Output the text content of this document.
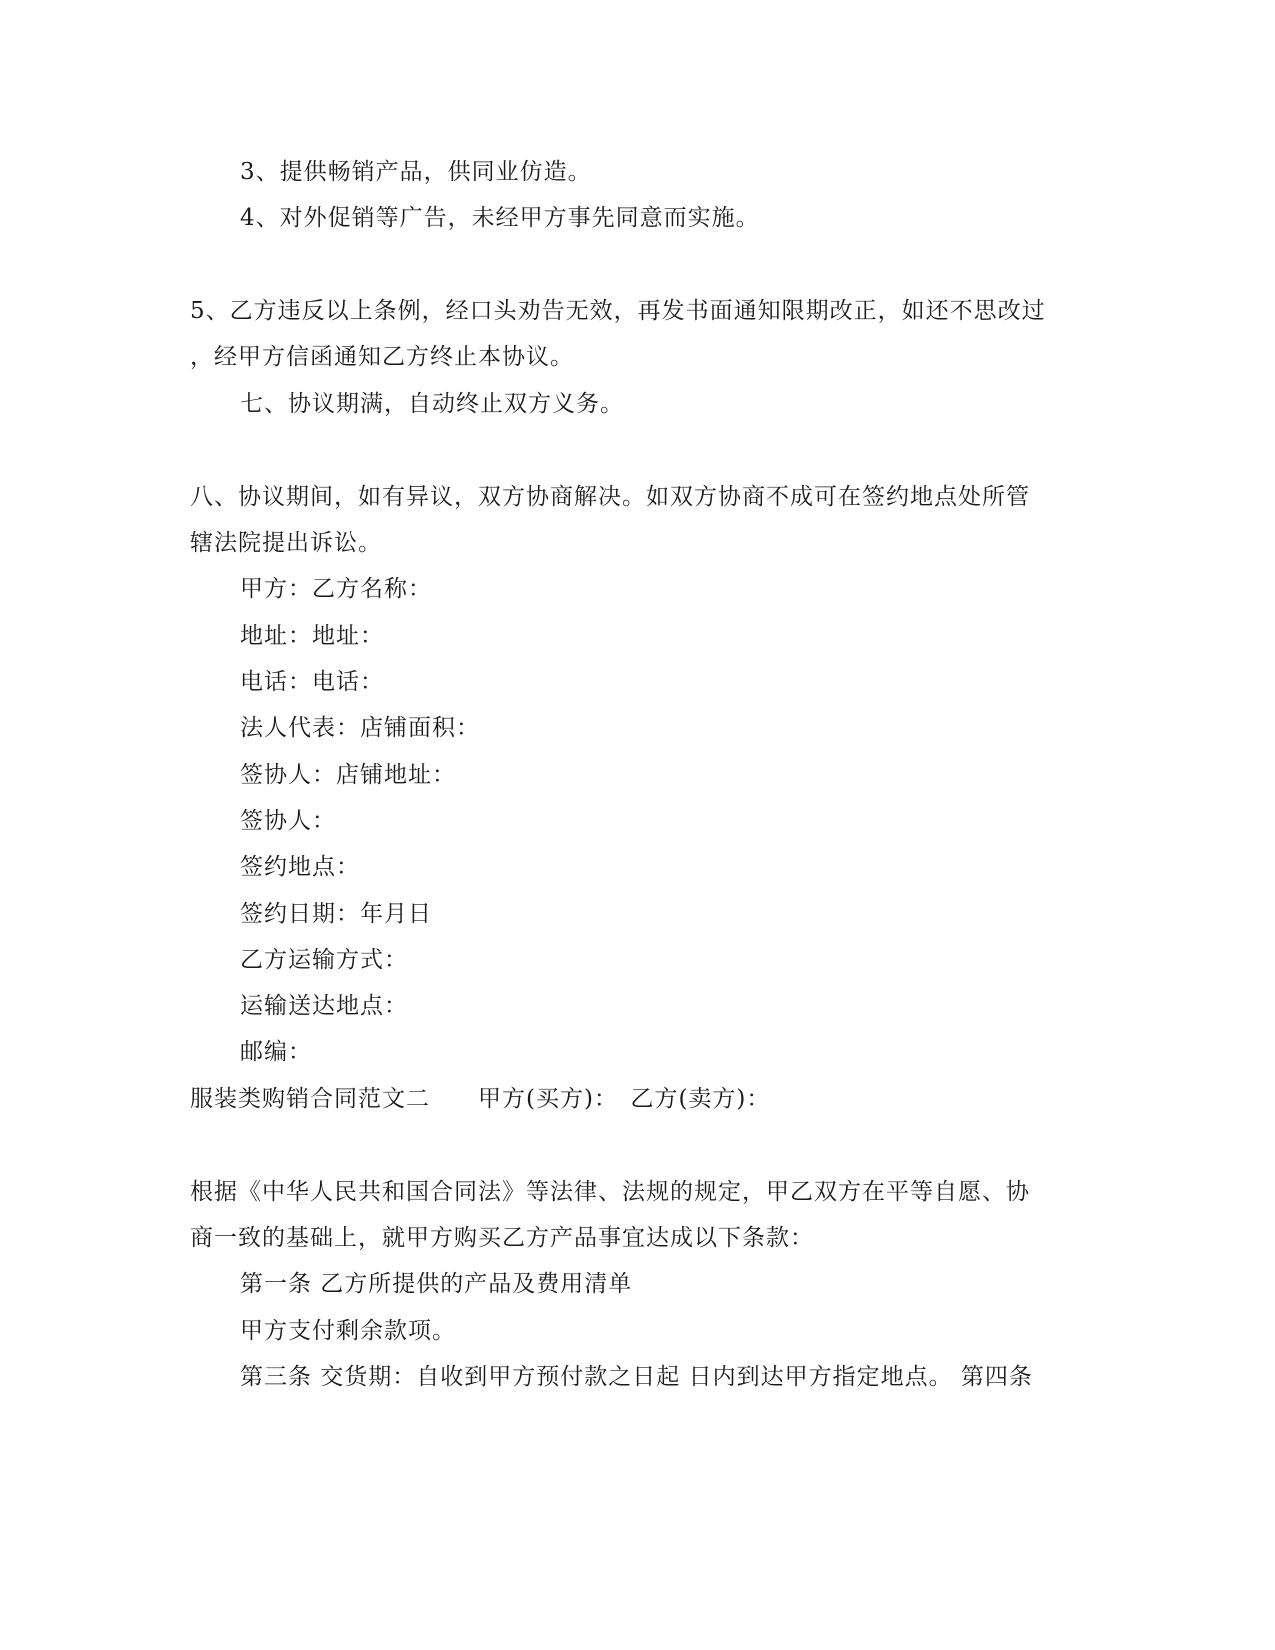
3、提供畅销产品，供同业仿造。
4、对外促销等广告，未经甲方事先同意而实施。
5、乙方违反以上条例，经口头劝告无效，再发书面通知限期改正，如还不思改过
，经甲方信函通知乙方终止本协议。
七、协议期满，自动终止双方义务。
八、协议期间，如有异议，双方协商解决。如双方协商不成可在签约地点处所管
辖法院提出诉讼。
甲方：乙方名称：
地址：地址：
电话：电话：
法人代表：店铺面积：
签协人：店铺地址：
签协人：
签约地点：
签约日期：年月日
乙方运输方式：
运输送达地点：
邮编：
服装类购销合同范文二　　甲方(买方)：　乙方(卖方)：
根据《中华人民共和国合同法》等法律、法规的规定，甲乙双方在平等自愿、协
商一致的基础上，就甲方购买乙方产品事宜达成以下条款：
第一条 乙方所提供的产品及费用清单
甲方支付剩余款项。
第三条 交货期：自收到甲方预付款之日起 日内到达甲方指定地点。 第四条
